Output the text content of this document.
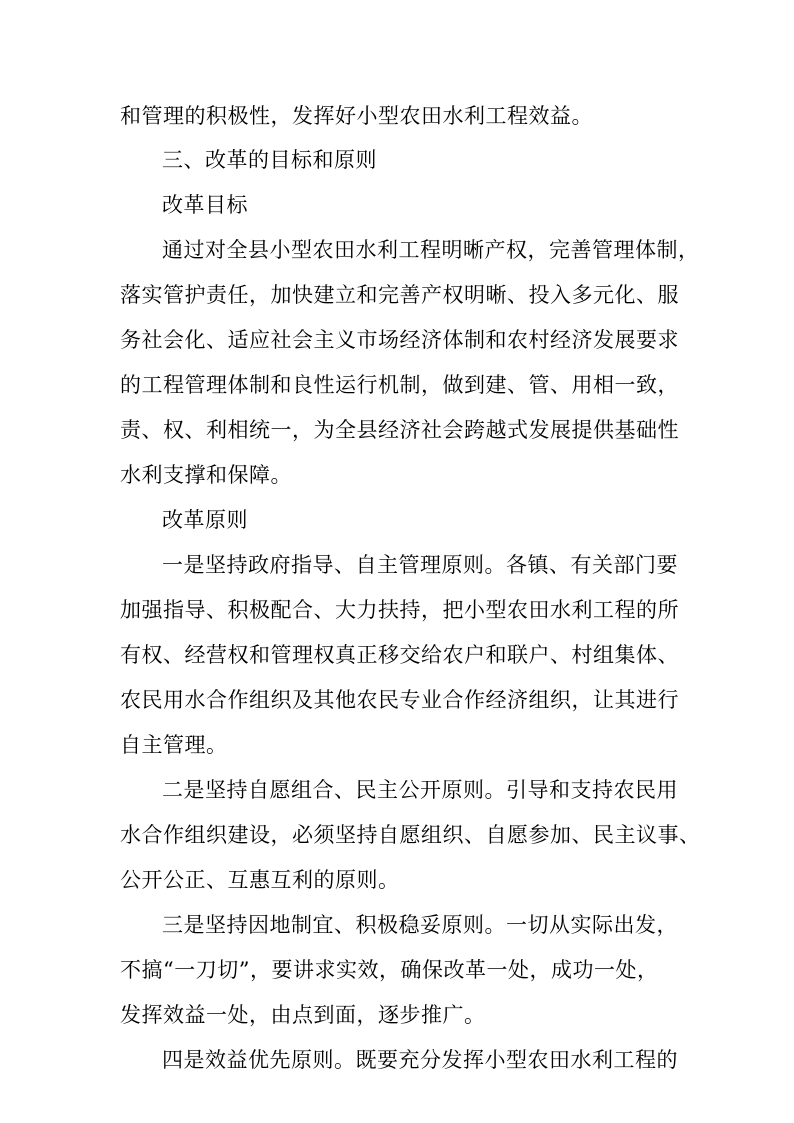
和管理的积极性，发挥好小型农田水利工程效益。
三、改革的目标和原则
改革目标
通过对全县小型农田水利工程明晰产权，完善管理体制，
落实管护责任，加快建立和完善产权明晰、投入多元化、服
务社会化、适应社会主义市场经济体制和农村经济发展要求
的工程管理体制和良性运行机制，做到建、管、用相一致，
责、权、利相统一，为全县经济社会跨越式发展提供基础性
水利支撑和保障。
改革原则
一是坚持政府指导、自主管理原则。各镇、有关部门要
加强指导、积极配合、大力扶持，把小型农田水利工程的所
有权、经营权和管理权真正移交给农户和联户、村组集体、
农民用水合作组织及其他农民专业合作经济组织，让其进行
自主管理。
二是坚持自愿组合、民主公开原则。引导和支持农民用
水合作组织建设，必须坚持自愿组织、自愿参加、民主议事、
公开公正、互惠互利的原则。
三是坚持因地制宜、积极稳妥原则。一切从实际出发，
不搞“一刀切”，要讲求实效，确保改革一处，成功一处，
发挥效益一处，由点到面，逐步推广。
四是效益优先原则。既要充分发挥小型农田水利工程的
